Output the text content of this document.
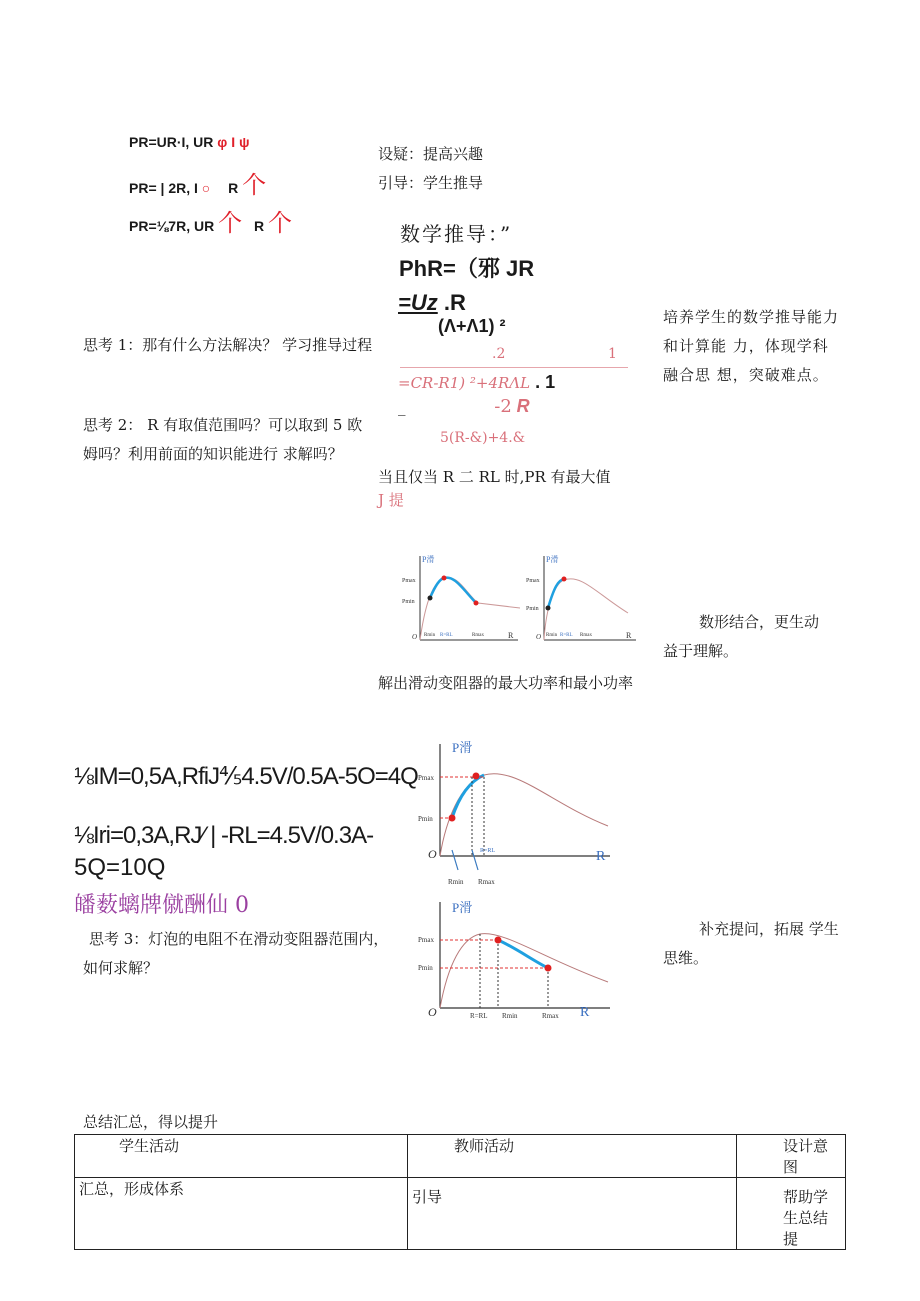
PR=UR·I, UR φ I ψ
PR= | 2R, I ○ R 个
PR=⅛7R, UR 个 R 个
设疑：提高兴趣
引导：学生推导
数学推导：”
PhR=（邪 JR
=Uz .R
(Λ+Λ1) ²
.2	1
=CR-R1) ²+4RΛL . 1
_	-2 R
5(R-&)+4.&
当且仅当 R 二 RL 时,PR 有最大值
J 提
思考 1：那有什么方法解决？ 学习推导过程
思考 2： R 有取值范围吗？可以取到 5 欧姆吗？利用前面的知识能进行 求解吗？
培养学生的数学推导能力和计算能 力，体现学科融合思 想，突破难点。
数形结合，更生动益于理解。
补充提问，拓展 学生思维。
P滑
Pmax
Pmin
O	R
Rmin R=RL	Rmax
P滑
Pmax
Pmin
O	R
Rmin R=RL Rmax
解出滑动变阻器的最大功率和最小功率
⅛IM=0,5A,RfiJ⅘4.5V/0.5A-5O=4Q
⅛Iri=0,3A,RJ⁄ | -RL=4.5V/0.3A-
5Q=10Q
皤薮螭牌僦酬仙 0
思考 3：灯泡的电阻不在滑动变阻器范围内，如何求解？
P滑
Pmax
Pmin
O	R
R=RL
Rmin Rmax
P滑
Pmax
Pmin
O	R
R=RL Rmin	Rmax
总结汇总，得以提升
学生活动	教师活动	设计意图
汇总，形成体系	引导	帮助学生总结提
